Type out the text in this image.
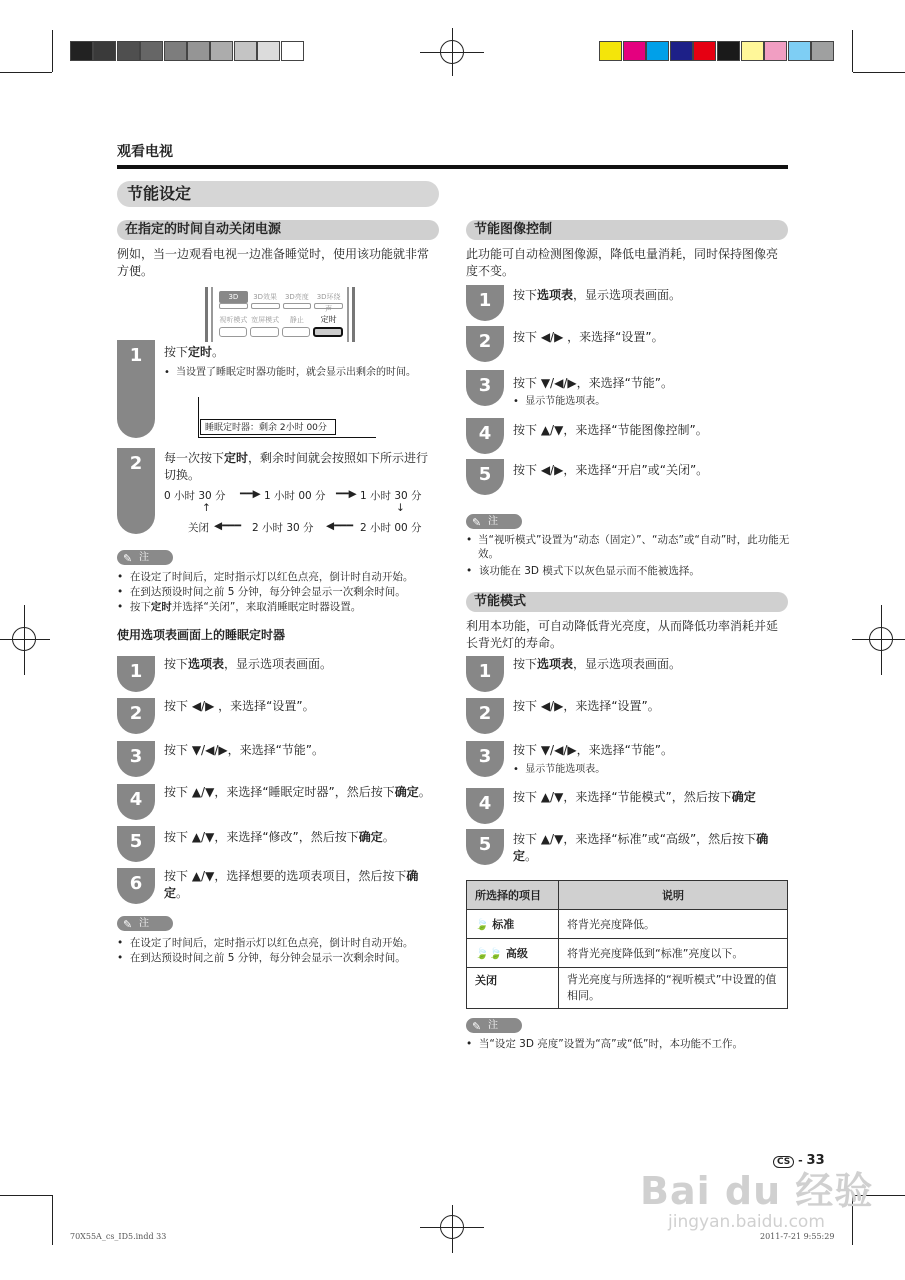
观看电视
节能设定
在指定的时间自动关闭电源
例如，当一边观看电视一边准备睡觉时，使用该功能就非常方便。
3D	3D效果	3D亮度	3D环绕声
视听模式 宽屏模式	静止	定时
1	按下定时。
• 当设置了睡眠定时器功能时，就会显示出剩余的时间。
睡眠定时器：剩余 2小时 00分
2	每一次按下定时，剩余时间就会按照如下所示进行切换。
0 小时 30 分 ━━▶ 1 小时 00 分 ━━▶ 1 小时 30 分
↓
↑
关闭 ◀━━━ 2 小时 30 分 ◀━━━ 2 小时 00 分
✎ 注
•  在设定了时间后，定时指示灯以红色点亮，倒计时自动开始。
•  在到达预设时间之前 5 分钟，每分钟会显示一次剩余时间。
•  按下定时并选择“关闭”，来取消睡眠定时器设置。
使用选项表画面上的睡眠定时器
1	按下选项表，显示选项表画面。
2	按下 ◀/▶ ，来选择“设置”。
3	按下 ▼/◀/▶，来选择“节能”。
4	按下 ▲/▼，来选择“睡眠定时器”，然后按下确定。
5	按下 ▲/▼，来选择“修改”，然后按下确定。
6	按下 ▲/▼，选择想要的选项表项目，然后按下确定。
✎ 注
•  在设定了时间后，定时指示灯以红色点亮，倒计时自动开始。
•  在到达预设时间之前 5 分钟，每分钟会显示一次剩余时间。
节能图像控制
此功能可自动检测图像源，降低电量消耗，同时保持图像亮度不变。
1	按下选项表，显示选项表画面。
2	按下 ◀/▶ ，来选择“设置”。
3	按下 ▼/◀/▶，来选择“节能”。
•  显示节能选项表。
4	按下 ▲/▼，来选择“节能图像控制”。
5	按下 ◀/▶，来选择“开启”或“关闭”。
✎ 注
• 当“视听模式”设置为“动态（固定）”、“动态”或“自动”时，此功能无效。
•  该功能在 3D 模式下以灰色显示而不能被选择。
节能模式
利用本功能，可自动降低背光亮度，从而降低功率消耗并延长背光灯的寿命。
1	按下选项表，显示选项表画面。
2	按下 ◀/▶，来选择“设置”。
3	按下 ▼/◀/▶，来选择“节能”。
•  显示节能选项表。
4	按下 ▲/▼，来选择“节能模式”，然后按下确定
5	按下 ▲/▼，来选择“标准”或“高级”，然后按下确定。
所选择的项目	说明
🍃 标准	将背光亮度降低。
🍃🍃 高级	将背光亮度降低到“标准”亮度以下。
关闭	背光亮度与所选择的“视听模式”中设置的值相同。
✎ 注
•  当“设定 3D 亮度”设置为“高”或“低”时，本功能不工作。
CS - 33
Bai du 经验
jingyan.baidu.com
70X55A_cs_ID5.indd 33	2011-7-21 9:55:29
